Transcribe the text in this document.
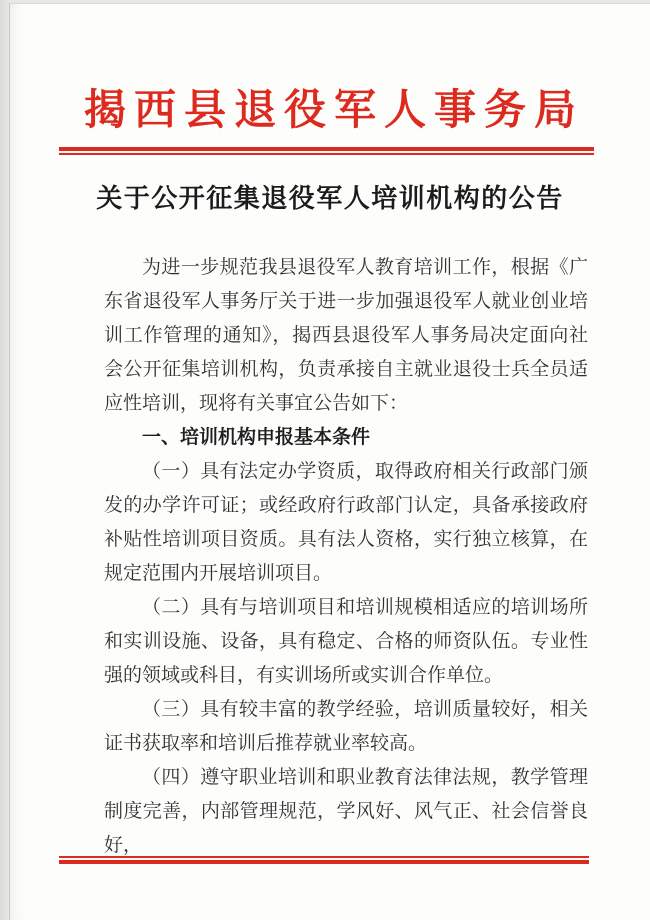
揭西县退役军人事务局
关于公开征集退役军人培训机构的公告

为进一步规范我县退役军人教育培训工作，根据《广东省退役军人事务厅关于进一步加强退役军人就业创业培训工作管理的通知》，揭西县退役军人事务局决定面向社会公开征集培训机构，负责承接自主就业退役士兵全员适应性培训，现将有关事宜公告如下：

一、培训机构申报基本条件

（一）具有法定办学资质，取得政府相关行政部门颁发的办学许可证；或经政府行政部门认定，具备承接政府补贴性培训项目资质。具有法人资格，实行独立核算，在规定范围内开展培训项目。

（二）具有与培训项目和培训规模相适应的培训场所和实训设施、设备，具有稳定、合格的师资队伍。专业性强的领域或科目，有实训场所或实训合作单位。

（三）具有较丰富的教学经验，培训质量较好，相关证书获取率和培训后推荐就业率较高。

（四）遵守职业培训和职业教育法律法规，教学管理制度完善，内部管理规范，学风好、风气正、社会信誉良好，
